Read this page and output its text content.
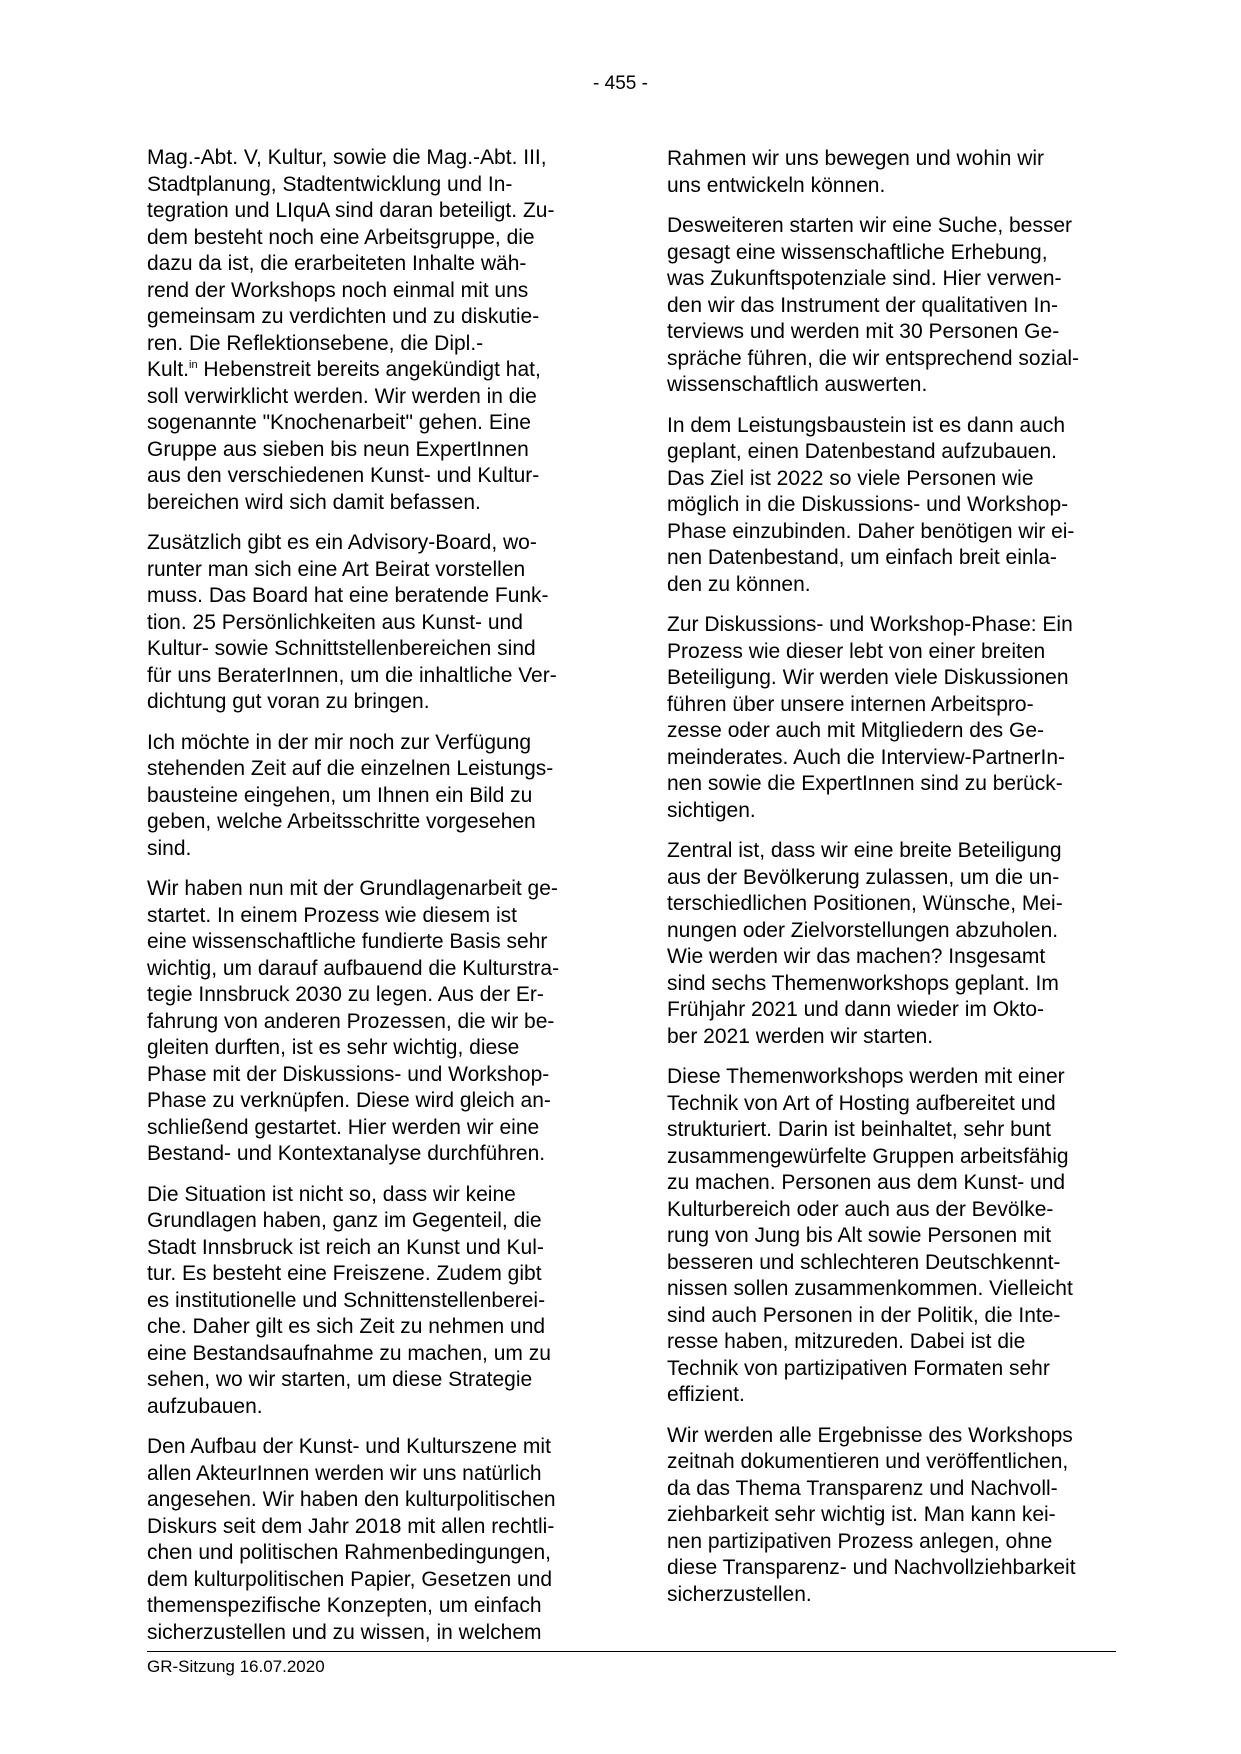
- 455 -

Mag.-Abt. V, Kultur, sowie die Mag.-Abt. III,
Stadtplanung, Stadtentwicklung und In-
tegration und LIquA sind daran beteiligt. Zu-
dem besteht noch eine Arbeitsgruppe, die
dazu da ist, die erarbeiteten Inhalte wäh-
rend der Workshops noch einmal mit uns
gemeinsam zu verdichten und zu diskutie-
ren. Die Reflektionsebene, die Dipl.-
Kult.$^{in}$ Hebenstreit bereits angekündigt hat,
soll verwirklicht werden. Wir werden in die
sogenannte "Knochenarbeit" gehen. Eine
Gruppe aus sieben bis neun ExpertInnen
aus den verschiedenen Kunst- und Kultur-
bereichen wird sich damit befassen.

Zusätzlich gibt es ein Advisory-Board, wo-
runter man sich eine Art Beirat vorstellen
muss. Das Board hat eine beratende Funk-
tion. 25 Persönlichkeiten aus Kunst- und
Kultur- sowie Schnittstellenbereichen sind
für uns BeraterInnen, um die inhaltliche Ver-
dichtung gut voran zu bringen.

Ich möchte in der mir noch zur Verfügung
stehenden Zeit auf die einzelnen Leistungs-
bausteine eingehen, um Ihnen ein Bild zu
geben, welche Arbeitsschritte vorgesehen
sind.

Wir haben nun mit der Grundlagenarbeit ge-
startet. In einem Prozess wie diesem ist
eine wissenschaftliche fundierte Basis sehr
wichtig, um darauf aufbauend die Kulturstra-
tegie Innsbruck 2030 zu legen. Aus der Er-
fahrung von anderen Prozessen, die wir be-
gleiten durften, ist es sehr wichtig, diese
Phase mit der Diskussions- und Workshop-
Phase zu verknüpfen. Diese wird gleich an-
schließend gestartet. Hier werden wir eine
Bestand- und Kontextanalyse durchführen.

Die Situation ist nicht so, dass wir keine
Grundlagen haben, ganz im Gegenteil, die
Stadt Innsbruck ist reich an Kunst und Kul-
tur. Es besteht eine Freiszene. Zudem gibt
es institutionelle und Schnittenstellenberei-
che. Daher gilt es sich Zeit zu nehmen und
eine Bestandsaufnahme zu machen, um zu
sehen, wo wir starten, um diese Strategie
aufzubauen.

Den Aufbau der Kunst- und Kulturszene mit
allen AkteurInnen werden wir uns natürlich
angesehen. Wir haben den kulturpolitischen
Diskurs seit dem Jahr 2018 mit allen rechtli-
chen und politischen Rahmenbedingungen,
dem kulturpolitischen Papier, Gesetzen und
themenspezifische Konzepten, um einfach
sicherzustellen und zu wissen, in welchem

Rahmen wir uns bewegen und wohin wir
uns entwickeln können.

Desweiteren starten wir eine Suche, besser
gesagt eine wissenschaftliche Erhebung,
was Zukunftspotenziale sind. Hier verwen-
den wir das Instrument der qualitativen In-
terviews und werden mit 30 Personen Ge-
spräche führen, die wir entsprechend sozial-
wissenschaftlich auswerten.

In dem Leistungsbaustein ist es dann auch
geplant, einen Datenbestand aufzubauen.
Das Ziel ist 2022 so viele Personen wie
möglich in die Diskussions- und Workshop-
Phase einzubinden. Daher benötigen wir ei-
nen Datenbestand, um einfach breit einla-
den zu können.

Zur Diskussions- und Workshop-Phase: Ein
Prozess wie dieser lebt von einer breiten
Beteiligung. Wir werden viele Diskussionen
führen über unsere internen Arbeitspro-
zesse oder auch mit Mitgliedern des Ge-
meinderates. Auch die Interview-PartnerIn-
nen sowie die ExpertInnen sind zu berück-
sichtigen.

Zentral ist, dass wir eine breite Beteiligung
aus der Bevölkerung zulassen, um die un-
terschiedlichen Positionen, Wünsche, Mei-
nungen oder Zielvorstellungen abzuholen.
Wie werden wir das machen? Insgesamt
sind sechs Themenworkshops geplant. Im
Frühjahr 2021 und dann wieder im Okto-
ber 2021 werden wir starten.

Diese Themenworkshops werden mit einer
Technik von Art of Hosting aufbereitet und
strukturiert. Darin ist beinhaltet, sehr bunt
zusammengewürfelte Gruppen arbeitsfähig
zu machen. Personen aus dem Kunst- und
Kulturbereich oder auch aus der Bevölke-
rung von Jung bis Alt sowie Personen mit
besseren und schlechteren Deutschkennt-
nissen sollen zusammenkommen. Vielleicht
sind auch Personen in der Politik, die Inte-
resse haben, mitzureden. Dabei ist die
Technik von partizipativen Formaten sehr
effizient.

Wir werden alle Ergebnisse des Workshops
zeitnah dokumentieren und veröffentlichen,
da das Thema Transparenz und Nachvoll-
ziehbarkeit sehr wichtig ist. Man kann kei-
nen partizipativen Prozess anlegen, ohne
diese Transparenz- und Nachvollziehbarkeit
sicherzustellen.

GR-Sitzung 16.07.2020
